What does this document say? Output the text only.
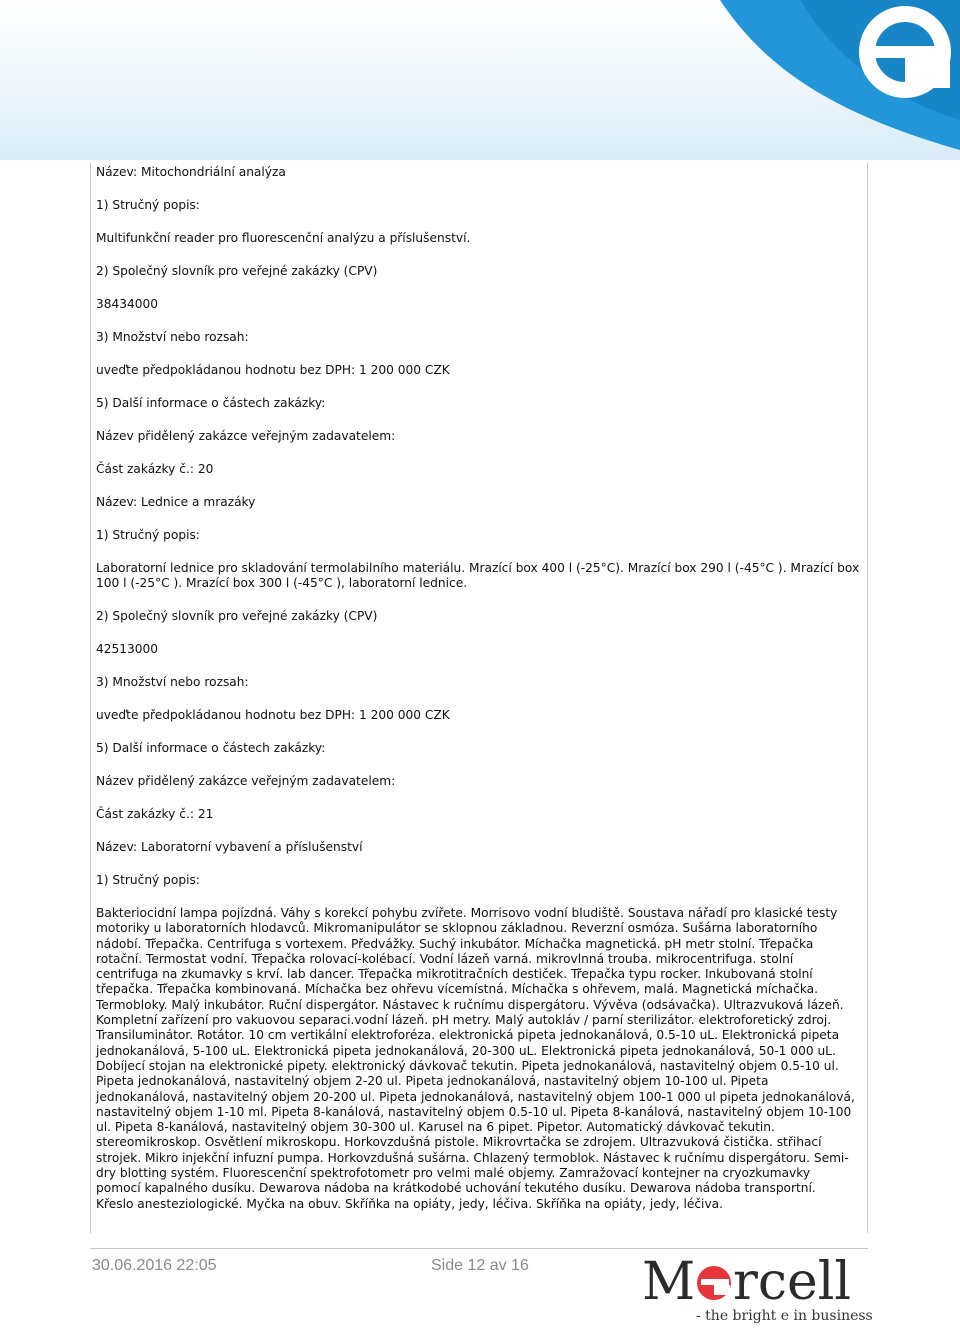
Název: Mitochondriální analýza
1) Stručný popis:
Multifunkční reader pro fluorescenční analýzu a příslušenství.
2) Společný slovník pro veřejné zakázky (CPV)
38434000
3) Množství nebo rozsah:
uveďte předpokládanou hodnotu bez DPH: 1 200 000 CZK
5) Další informace o částech zakázky:
Název přidělený zakázce veřejným zadavatelem:
Část zakázky č.: 20
Název: Lednice a mrazáky
1) Stručný popis:
Laboratorní lednice pro skladování termolabilního materiálu. Mrazící box 400 l (-25°C). Mrazící box 290 l (-45°C ). Mrazící box
100 l (-25°C ). Mrazící box 300 l (-45°C ), laboratorní lednice.
2) Společný slovník pro veřejné zakázky (CPV)
42513000
3) Množství nebo rozsah:
uveďte předpokládanou hodnotu bez DPH: 1 200 000 CZK
5) Další informace o částech zakázky:
Název přidělený zakázce veřejným zadavatelem:
Část zakázky č.: 21
Název: Laboratorní vybavení a příslušenství
1) Stručný popis:
Bakteriocidní lampa pojízdná. Váhy s korekcí pohybu zvířete. Morrisovo vodní bludiště. Soustava nářadí pro klasické testy motoriky u laboratorních hlodavců. Mikromanipulátor se sklopnou základnou. Reverzní osmóza. Sušárna laboratorního nádobí. Třepačka. Centrifuga s vortexem. Předvážky. Suchý inkubátor. Míchačka magnetická. pH metr stolní. Třepačka rotační. Termostat vodní. Třepačka rolovací-kolébací. Vodní lázeň varná. mikrovlnná trouba. mikrocentrifuga. stolní centrifuga na zkumavky s krví. lab dancer. Třepačka mikrotitračních destiček. Třepačka typu rocker. Inkubovaná stolní třepačka. Třepačka kombinovaná. Míchačka bez ohřevu vícemístná. Míchačka s ohřevem, malá. Magnetická míchačka. Termobloky. Malý inkubátor. Ruční dispergátor. Nástavec k ručnímu dispergátoru. Vývěva (odsávačka). Ultrazvuková lázeň. Kompletní zařízení pro vakuovou separaci.vodní lázeň. pH metry. Malý autokláv / parní sterilizátor. elektroforetický zdroj. Transiluminátor. Rotátor. 10 cm vertikální elektroforéza. elektronická pipeta jednokanálová, 0.5-10 uL. Elektronická pipeta jednokanálová, 5-100 uL. Elektronická pipeta jednokanálová, 20-300 uL. Elektronická pipeta jednokanálová, 50-1 000 uL. Dobíjecí stojan na elektronické pipety. elektronický dávkovač tekutin. Pipeta jednokanálová, nastavitelný objem 0.5-10 ul. Pipeta jednokanálová, nastavitelný objem 2-20 ul. Pipeta jednokanálová, nastavitelný objem 10-100 ul. Pipeta jednokanálová, nastavitelný objem 20-200 ul. Pipeta jednokanálová, nastavitelný objem 100-1 000 ul pipeta jednokanálová, nastavitelný objem 1-10 ml. Pipeta 8-kanálová, nastavitelný objem 0.5-10 ul. Pipeta 8-kanálová, nastavitelný objem 10-100 ul. Pipeta 8-kanálová, nastavitelný objem 30-300 ul. Karusel na 6 pipet. Pipetor. Automatický dávkovač tekutin. stereomikroskop. Osvětlení mikroskopu. Horkovzdušná pistole. Mikrovrtačka se zdrojem. Ultrazvuková čistička. střihací strojek. Mikro injekční infuzní pumpa. Horkovzdušná sušárna. Chlazený termoblok. Nástavec k ručnímu dispergátoru. Semi-dry blotting systém. Fluorescenční spektrofotometr pro velmi malé objemy. Zamražovací kontejner na cryozkumavky pomocí kapalného dusíku. Dewarova nádoba na krátkodobé uchování tekutého dusíku. Dewarova nádoba transportní. Křeslo anesteziologické. Myčka na obuv. Skříňka na opiáty, jedy, léčiva. Skříňka na opiáty, jedy, léčiva.
30.06.2016 22:05	Side 12 av 16 M rcell
- the bright e in business
